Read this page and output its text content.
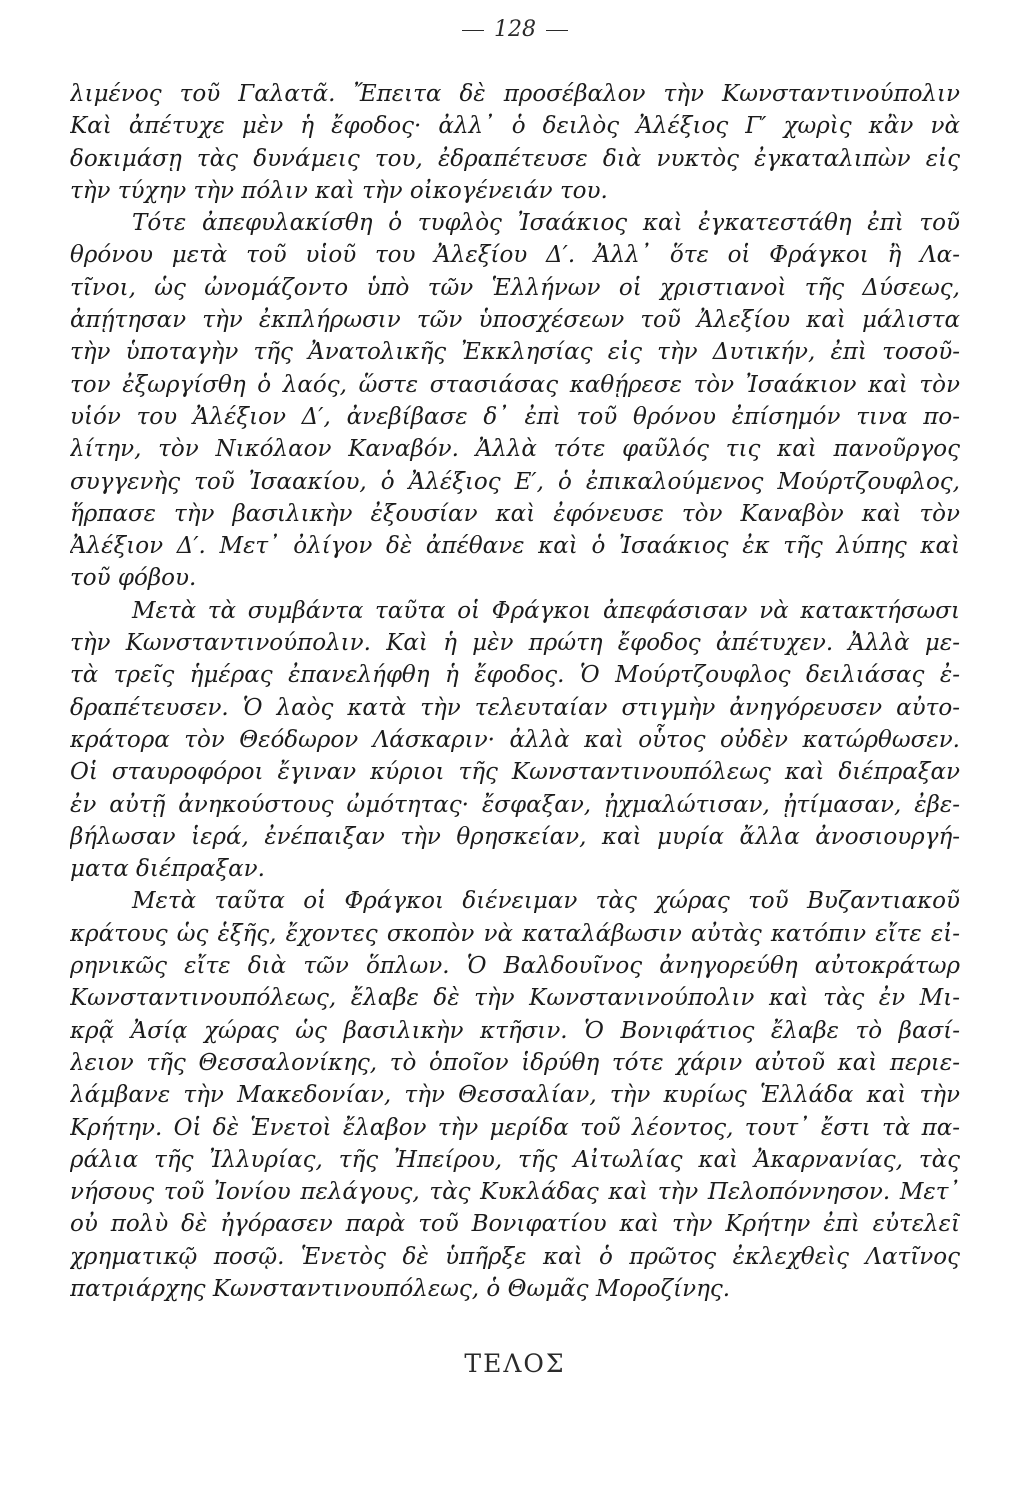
128
λιμένος τοῦ Γαλατᾶ. Ἔπειτα δὲ προσέβαλον τὴν Κωνσταντινούπολιν
Καὶ ἀπέτυχε μὲν ἡ ἔφοδος· ἀλλ᾽ ὁ δειλὸς Ἀλέξιος Γ′ χωρὶς κἂν νὰ
δοκιμάσῃ τὰς δυνάμεις του, ἐδραπέτευσε διὰ νυκτὸς ἐγκαταλιπὼν εἰς
τὴν τύχην τὴν πόλιν καὶ τὴν οἰκογένειάν του.
Τότε ἀπεφυλακίσθη ὁ τυφλὸς Ἰσαάκιος καὶ ἐγκατεστάθη ἐπὶ τοῦ
θρόνου μετὰ τοῦ υἱοῦ του Ἀλεξίου Δ′. Ἀλλ᾽ ὅτε οἱ Φράγκοι ἢ Λα-
τῖνοι, ὡς ὠνομάζοντο ὑπὸ τῶν Ἑλλήνων οἱ χριστιανοὶ τῆς Δύσεως,
ἀπῄτησαν τὴν ἐκπλήρωσιν τῶν ὑποσχέσεων τοῦ Ἀλεξίου καὶ μάλιστα
τὴν ὑποταγὴν τῆς Ἀνατολικῆς Ἐκκλησίας εἰς τὴν Δυτικήν, ἐπὶ τοσοῦ-
τον ἐξωργίσθη ὁ λαός, ὥστε στασιάσας καθῄρεσε τὸν Ἰσαάκιον καὶ τὸν
υἱόν του Ἀλέξιον Δ′, ἀνεβίβασε δ᾽ ἐπὶ τοῦ θρόνου ἐπίσημόν τινα πο-
λίτην, τὸν Νικόλαον Καναβόν. Ἀλλὰ τότε φαῦλός τις καὶ πανοῦργος
συγγενὴς τοῦ Ἰσαακίου, ὁ Ἀλέξιος Ε′, ὁ ἐπικαλούμενος Μούρτζουφλος,
ἥρπασε τὴν βασιλικὴν ἐξουσίαν καὶ ἐφόνευσε τὸν Καναβὸν καὶ τὸν
Ἀλέξιον Δ′. Μετ᾽ ὀλίγον δὲ ἀπέθανε καὶ ὁ Ἰσαάκιος ἐκ τῆς λύπης καὶ
τοῦ φόβου.
Μετὰ τὰ συμβάντα ταῦτα οἱ Φράγκοι ἀπεφάσισαν νὰ κατακτήσωσι
τὴν Κωνσταντινούπολιν. Καὶ ἡ μὲν πρώτη ἔφοδος ἀπέτυχεν. Ἀλλὰ με-
τὰ τρεῖς ἡμέρας ἐπανελήφθη ἡ ἔφοδος. Ὁ Μούρτζουφλος δειλιάσας ἐ-
δραπέτευσεν. Ὁ λαὸς κατὰ τὴν τελευταίαν στιγμὴν ἀνηγόρευσεν αὐτο-
κράτορα τὸν Θεόδωρον Λάσκαριν· ἀλλὰ καὶ οὗτος οὐδὲν κατώρθωσεν.
Οἱ σταυροφόροι ἔγιναν κύριοι τῆς Κωνσταντινουπόλεως καὶ διέπραξαν
ἐν αὐτῇ ἀνηκούστους ὠμότητας· ἔσφαξαν, ᾐχμαλώτισαν, ᾐτίμασαν, ἐβε-
βήλωσαν ἱερά, ἐνέπαιξαν τὴν θρησκείαν, καὶ μυρία ἄλλα ἀνοσιουργή-
ματα διέπραξαν.
Μετὰ ταῦτα οἱ Φράγκοι διένειμαν τὰς χώρας τοῦ Βυζαντιακοῦ
κράτους ὡς ἑξῆς, ἔχοντες σκοπὸν νὰ καταλάβωσιν αὐτὰς κατόπιν εἴτε εἰ-
ρηνικῶς εἴτε διὰ τῶν ὅπλων. Ὁ Βαλδουῖνος ἀνηγορεύθη αὐτοκράτωρ
Κωνσταντινουπόλεως, ἔλαβε δὲ τὴν Κωνστανινούπολιν καὶ τὰς ἐν Μι-
κρᾷ Ἀσίᾳ χώρας ὡς βασιλικὴν κτῆσιν. Ὁ Βονιφάτιος ἔλαβε τὸ βασί-
λειον τῆς Θεσσαλονίκης, τὸ ὁποῖον ἱδρύθη τότε χάριν αὐτοῦ καὶ περιε-
λάμβανε τὴν Μακεδονίαν, τὴν Θεσσαλίαν, τὴν κυρίως Ἑλλάδα καὶ τὴν
Κρήτην. Οἱ δὲ Ἑνετοὶ ἔλαβον τὴν μερίδα τοῦ λέοντος, τουτ᾽ ἔστι τὰ πα-
ράλια τῆς Ἰλλυρίας, τῆς Ἠπείρου, τῆς Αἰτωλίας καὶ Ἀκαρνανίας, τὰς
νήσους τοῦ Ἰονίου πελάγους, τὰς Κυκλάδας καὶ τὴν Πελοπόννησον. Μετ᾽
οὐ πολὺ δὲ ἠγόρασεν παρὰ τοῦ Βονιφατίου καὶ τὴν Κρήτην ἐπὶ εὐτελεῖ
χρηματικῷ ποσῷ. Ἑνετὸς δὲ ὑπῆρξε καὶ ὁ πρῶτος ἐκλεχθεὶς Λατῖνος
πατριάρχης Κωνσταντινουπόλεως, ὁ Θωμᾶς Μοροζίνης.
ΤΕΛΟΣ
